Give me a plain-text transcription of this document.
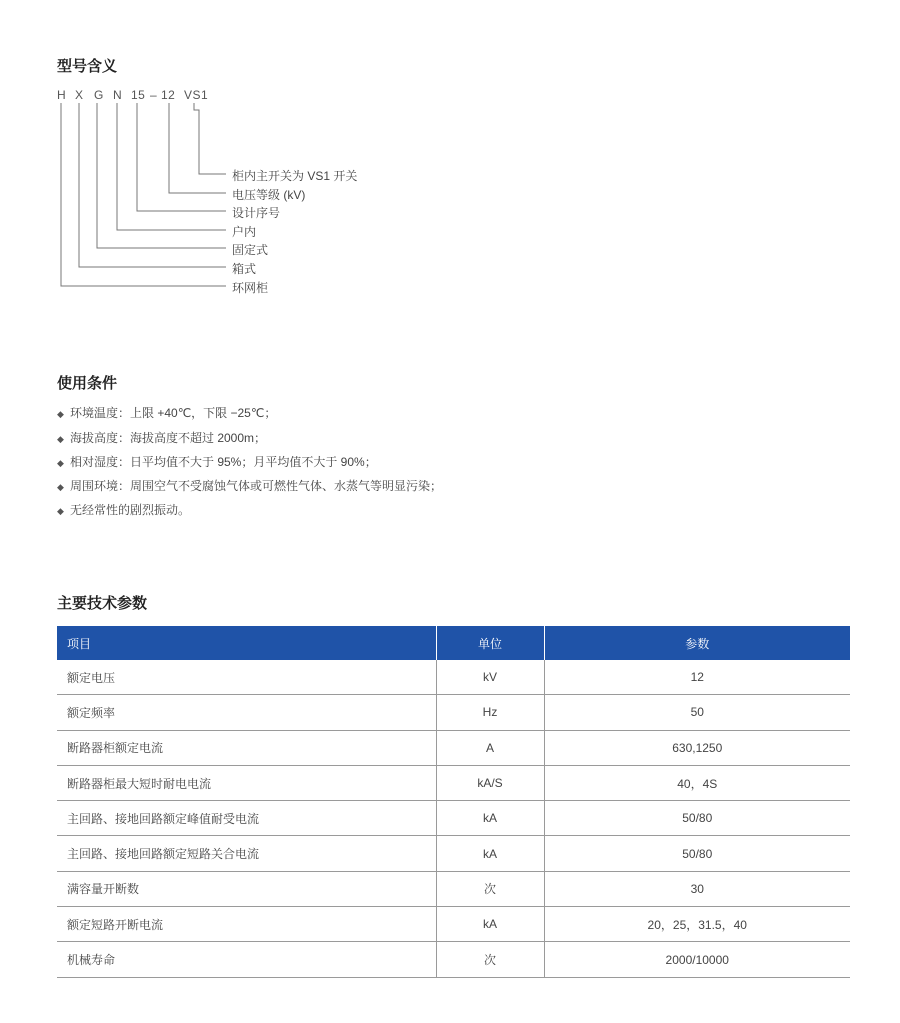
型号含义
H X G N 15 – 12 VS1
柜内主开关为 VS1 开关
电压等级 (kV)
设计序号
户内
固定式
箱式
环网柜
使用条件
◆ 环境温度：上限 +40℃，下限 −25℃；
◆ 海拔高度：海拔高度不超过 2000m；
◆ 相对湿度：日平均值不大于 95%；月平均值不大于 90%；
◆ 周围环境：周围空气不受腐蚀气体或可燃性气体、水蒸气等明显污染；
◆ 无经常性的剧烈振动。
主要技术参数
项目	单位	参数
额定电压	kV	12
额定频率	Hz	50
断路器柜额定电流	A	630,1250
断路器柜最大短时耐电电流	kA/S	40，4S
主回路、接地回路额定峰值耐受电流	kA	50/80
主回路、接地回路额定短路关合电流	kA	50/80
满容量开断数	次	30
额定短路开断电流	kA	20，25，31.5，40
机械寿命	次	2000/10000
